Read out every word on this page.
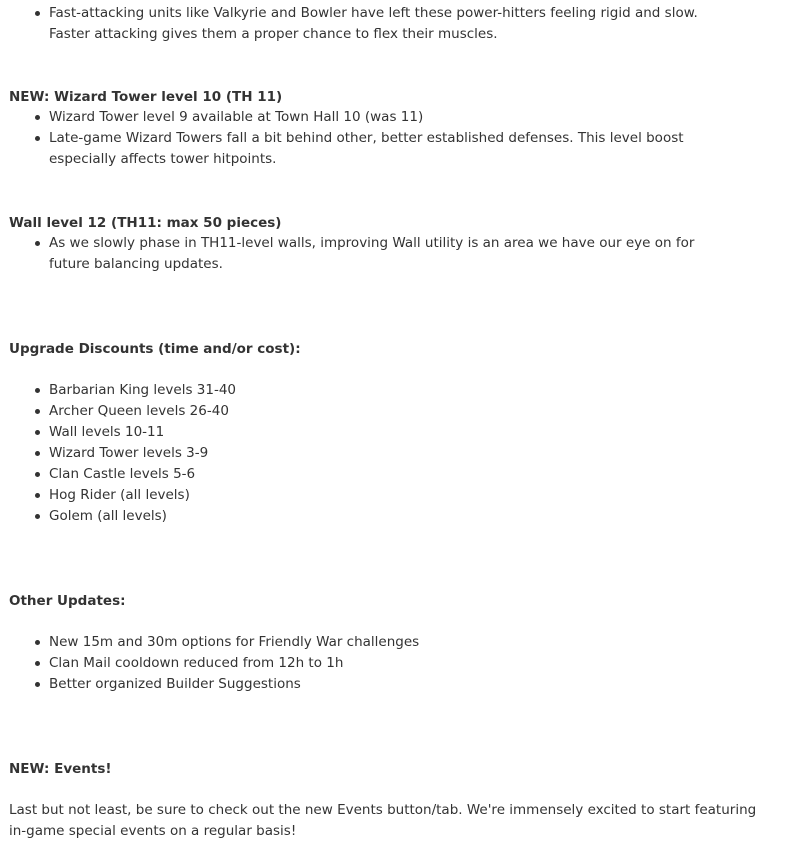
Fast-attacking units like Valkyrie and Bowler have left these power-hitters feeling rigid and slow. Faster attacking gives them a proper chance to flex their muscles.
NEW: Wizard Tower level 10 (TH 11)
Wizard Tower level 9 available at Town Hall 10 (was 11)
Late-game Wizard Towers fall a bit behind other, better established defenses. This level boost especially affects tower hitpoints.
Wall level 12 (TH11: max 50 pieces)
As we slowly phase in TH11-level walls, improving Wall utility is an area we have our eye on for future balancing updates.
Upgrade Discounts (time and/or cost):
Barbarian King levels 31-40
Archer Queen levels 26-40
Wall levels 10-11
Wizard Tower levels 3-9
Clan Castle levels 5-6
Hog Rider (all levels)
Golem (all levels)
Other Updates:
New 15m and 30m options for Friendly War challenges
Clan Mail cooldown reduced from 12h to 1h
Better organized Builder Suggestions
NEW: Events!

Last but not least, be sure to check out the new Events button/tab. We're immensely excited to start featuring in-game special events on a regular basis!
